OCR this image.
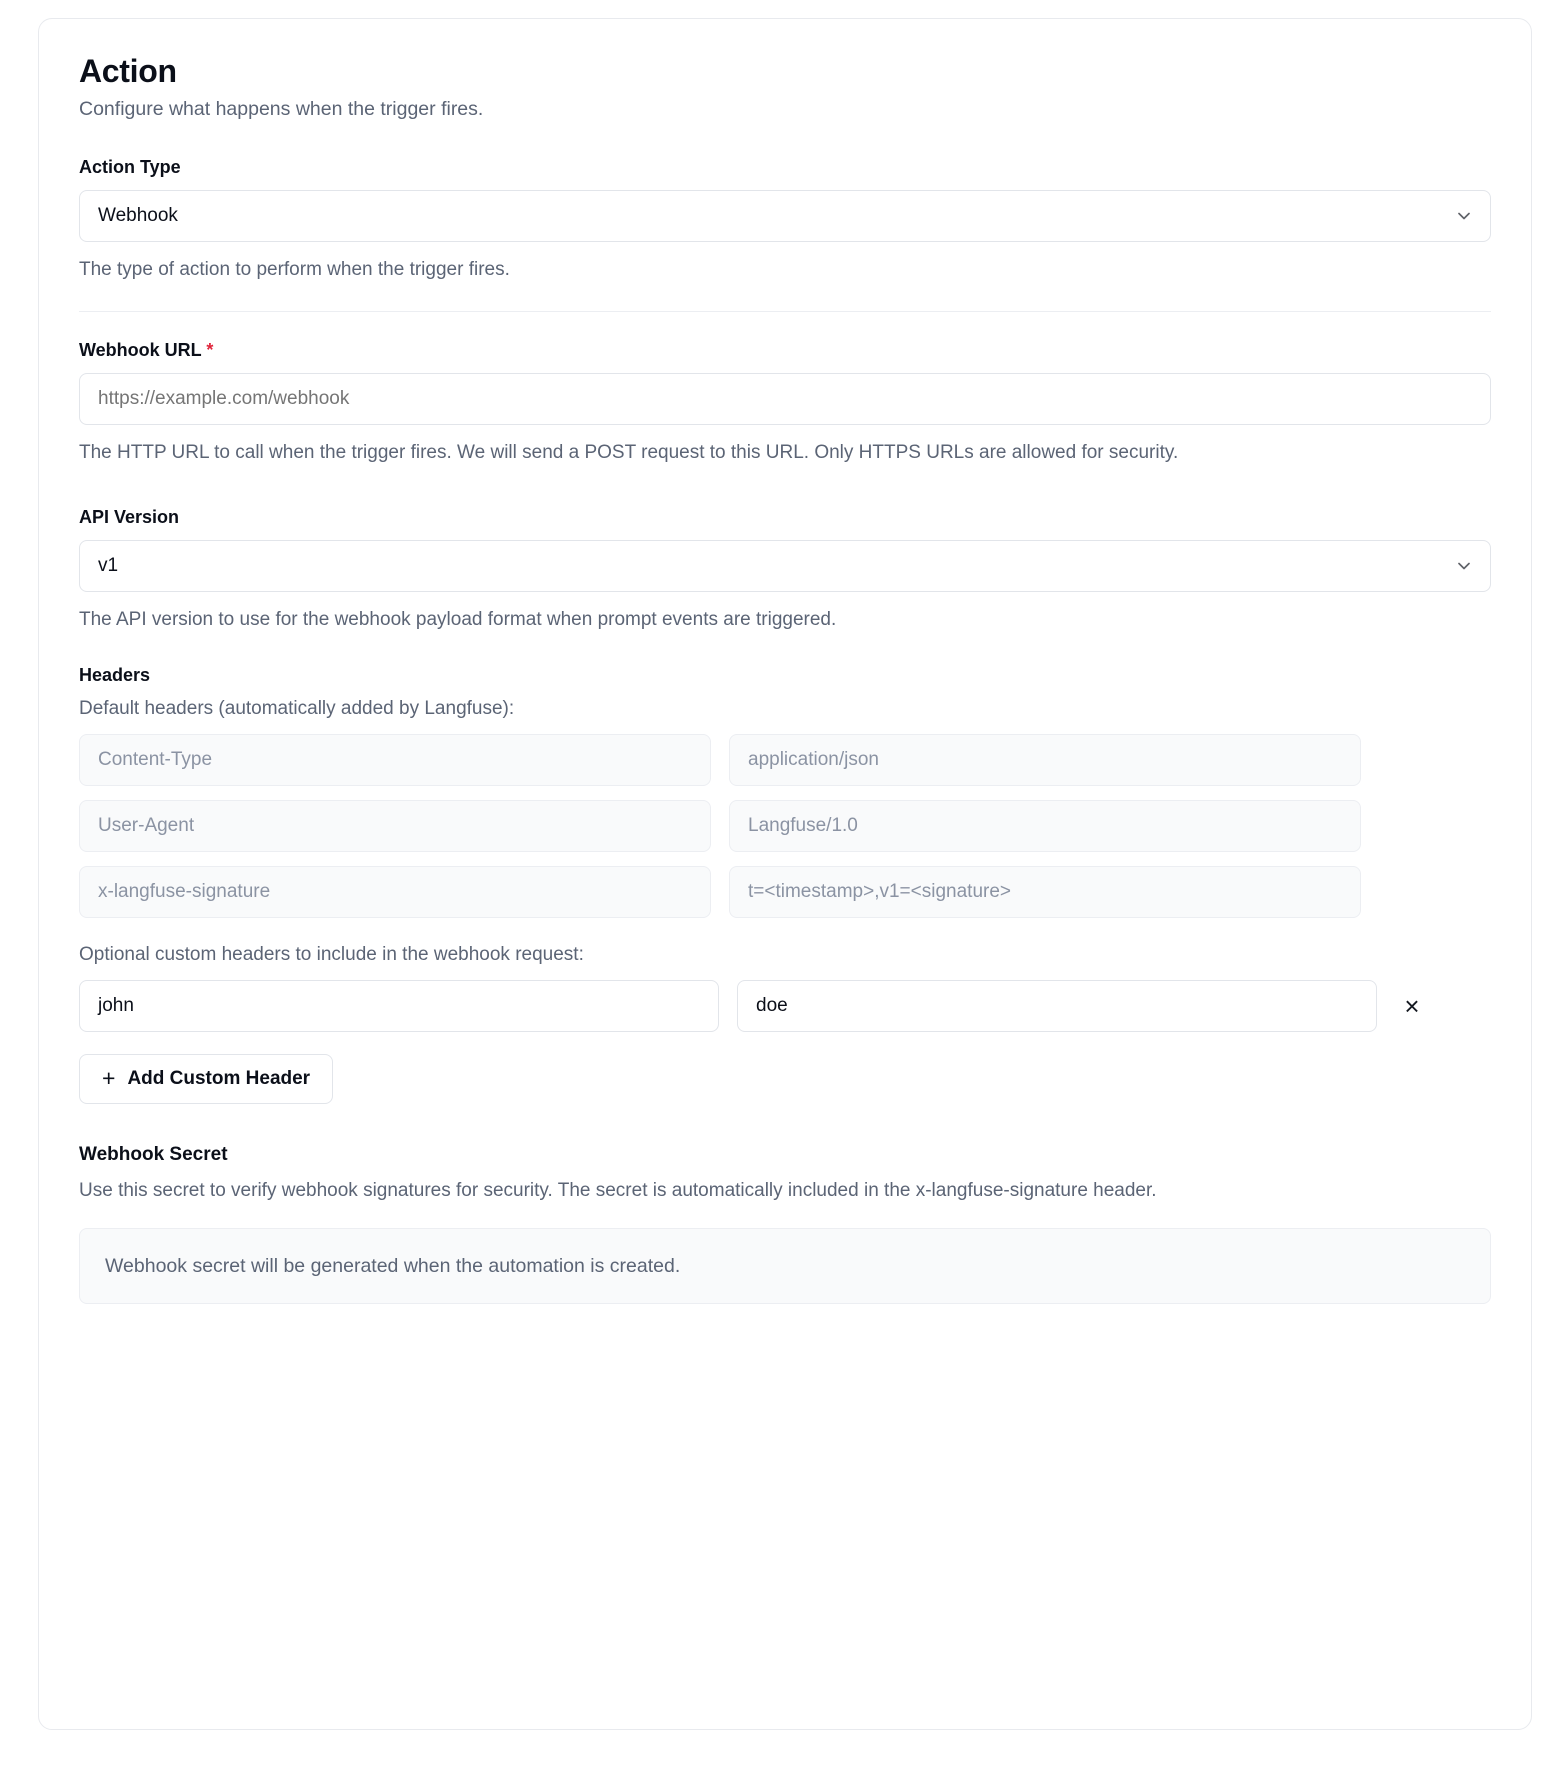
Action
Configure what happens when the trigger fires.
Action Type
Webhook
The type of action to perform when the trigger fires.
Webhook URL *
https://example.com/webhook
The HTTP URL to call when the trigger fires. We will send a POST request to this URL. Only HTTPS URLs are allowed for security.
API Version
v1
The API version to use for the webhook payload format when prompt events are triggered.
Headers
Default headers (automatically added by Langfuse):
Content-Type	application/json
User-Agent	Langfuse/1.0
x-langfuse-signature	t=<timestamp>,v1=<signature>
Optional custom headers to include in the webhook request:
john	doe	×
+ Add Custom Header
Webhook Secret
Use this secret to verify webhook signatures for security. The secret is automatically included in the x-langfuse-signature header.
Webhook secret will be generated when the automation is created.
